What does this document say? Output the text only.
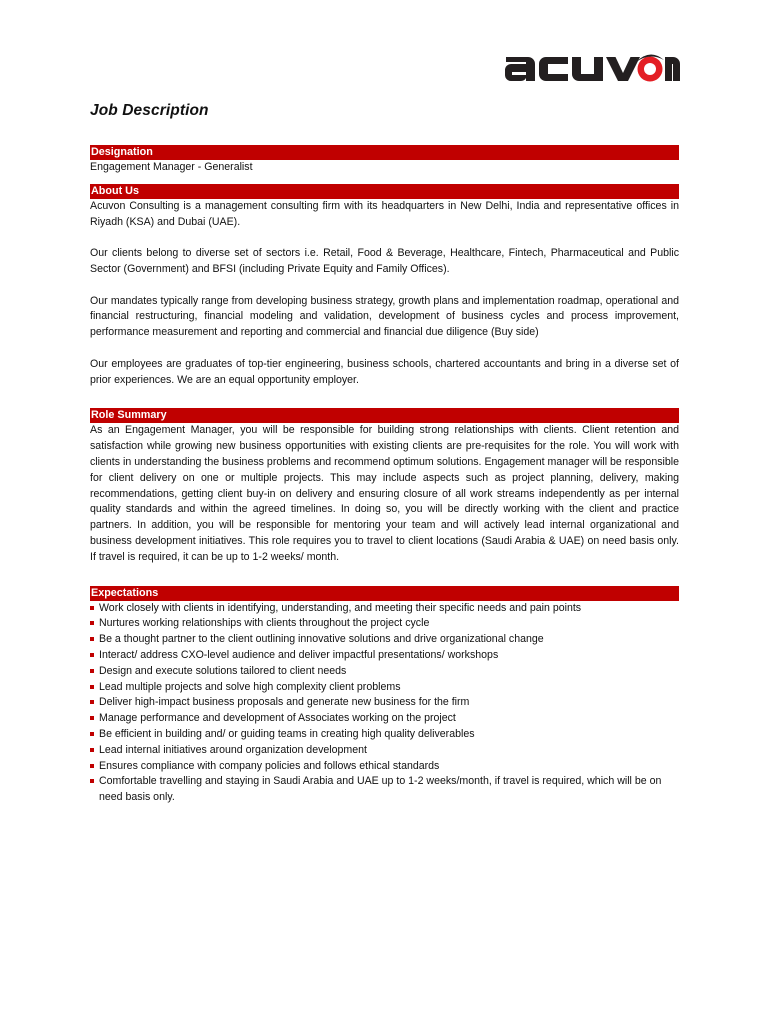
Job Description
Designation

Engagement Manager - Generalist

About Us

Acuvon Consulting is a management consulting firm with its headquarters in New Delhi, India and representative offices in Riyadh (KSA) and Dubai (UAE).

Our clients belong to diverse set of sectors i.e. Retail, Food & Beverage, Healthcare, Fintech, Pharmaceutical and Public Sector (Government) and BFSI (including Private Equity and Family Offices).

Our mandates typically range from developing business strategy, growth plans and implementation roadmap, operational and financial restructuring, financial modeling and validation, development of business cycles and process improvement, performance measurement and reporting and commercial and financial due diligence (Buy side)

Our employees are graduates of top-tier engineering, business schools, chartered accountants and bring in a diverse set of prior experiences. We are an equal opportunity employer.

Role Summary

As an Engagement Manager, you will be responsible for building strong relationships with clients. Client retention and satisfaction while growing new business opportunities with existing clients are pre-requisites for the role. You will work with clients in understanding the business problems and recommend optimum solutions. Engagement manager will be responsible for client delivery on one or multiple projects. This may include aspects such as project planning, delivery, making recommendations, getting client buy-in on delivery and ensuring closure of all work streams independently as per internal quality standards and within the agreed timelines. In doing so, you will be directly working with the client and practice partners. In addition, you will be responsible for mentoring your team and will actively lead internal organizational and business development initiatives. This role requires you to travel to client locations (Saudi Arabia & UAE) on need basis only. If travel is required, it can be up to 1-2 weeks/ month.

Expectations
Work closely with clients in identifying, understanding, and meeting their specific needs and pain points
Nurtures working relationships with clients throughout the project cycle
Be a thought partner to the client outlining innovative solutions and drive organizational change
Interact/ address CXO-level audience and deliver impactful presentations/ workshops
Design and execute solutions tailored to client needs
Lead multiple projects and solve high complexity client problems
Deliver high-impact business proposals and generate new business for the firm
Manage performance and development of Associates working on the project
Be efficient in building and/ or guiding teams in creating high quality deliverables
Lead internal initiatives around organization development
Ensures compliance with company policies and follows ethical standards
Comfortable travelling and staying in Saudi Arabia and UAE up to 1-2 weeks/month, if travel is required, which will be on need basis only.
